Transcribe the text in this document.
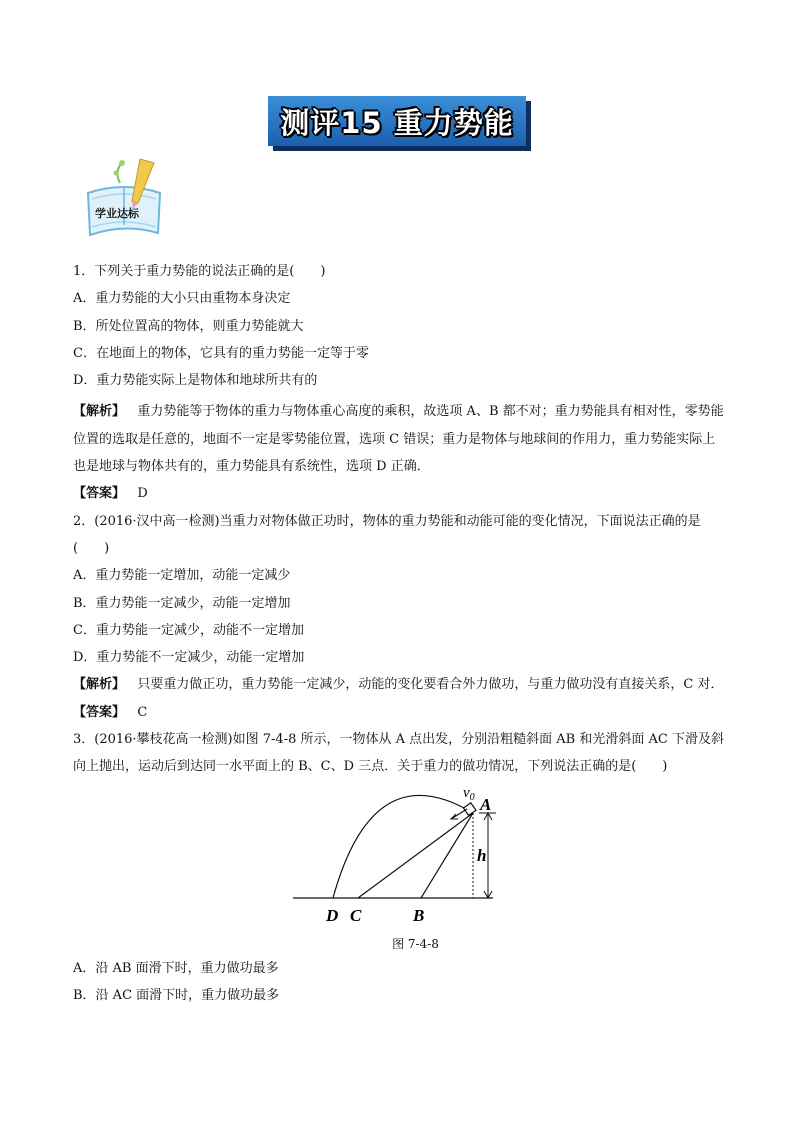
测评15 重力势能
学业达标
1．下列关于重力势能的说法正确的是(　　)
A．重力势能的大小只由重物本身决定
B．所处位置高的物体，则重力势能就大
C．在地面上的物体，它具有的重力势能一定等于零
D．重力势能实际上是物体和地球所共有的
【解析】 重力势能等于物体的重力与物体重心高度的乘积，故选项 A、B 都不对；重力势能具有相对性，零势能位置的选取是任意的，地面不一定是零势能位置，选项 C 错误；重力是物体与地球间的作用力，重力势能实际上也是地球与物体共有的，重力势能具有系统性，选项 D 正确．
【答案】 D
2．(2016·汉中高一检测)当重力对物体做正功时，物体的重力势能和动能可能的变化情况，下面说法正确的是(　　)
A．重力势能一定增加，动能一定减少
B．重力势能一定减少，动能一定增加
C．重力势能一定减少，动能不一定增加
D．重力势能不一定减少，动能一定增加
【解析】 只要重力做正功，重力势能一定减少，动能的变化要看合外力做功，与重力做功没有直接关系，C 对．
【答案】 C
3．(2016·攀枝花高一检测)如图 7-4-8 所示，一物体从 A 点出发，分别沿粗糙斜面 AB 和光滑斜面 AC 下滑及斜向上抛出，运动后到达同一水平面上的 B、C、D 三点．关于重力的做功情况，下列说法正确的是(　　)
$v_0$ A
h
D C	B
图 7-4-8
A．沿 AB 面滑下时，重力做功最多
B．沿 AC 面滑下时，重力做功最多
